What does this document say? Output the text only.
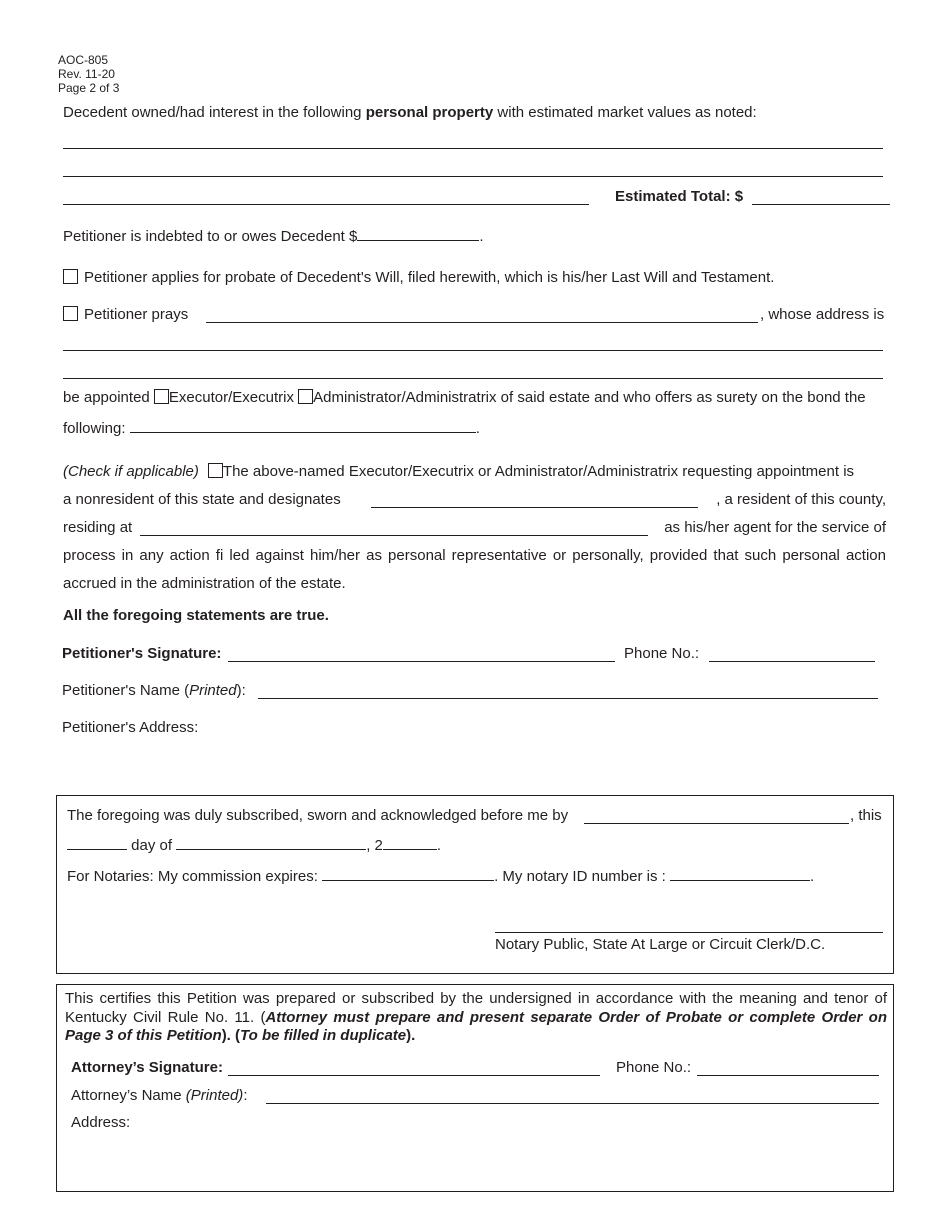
AOC-805
Rev. 11-20
Page 2 of 3
Decedent owned/had interest in the following personal property with estimated market values as noted:
Estimated Total: $
Petitioner is indebted to or owes Decedent $	.
Petitioner applies for probate of Decedent's Will, filed herewith, which is his/her Last Will and Testament.
Petitioner prays	, whose address is
be appointed Executor/Executrix Administrator/Administratrix of said estate and who offers as surety on the bond the
following:	.
(Check if applicable) The above-named Executor/Executrix or Administrator/Administratrix requesting appointment is
a nonresident of this state and designates	, a resident of this county,
residing at	as his/her agent for the service of
process in any action fi led against him/her as personal representative or personally, provided that such personal action
accrued in the administration of the estate.
All the foregoing statements are true.
Petitioner's Signature:	Phone No.:
Petitioner's Name (Printed):
Petitioner's Address:
The foregoing was duly subscribed, sworn and acknowledged before me by	, this
day of	, 2	.
For Notaries: My commission expires:	. My notary ID number is :	.
Notary Public, State At Large or Circuit Clerk/D.C.
This certifies this Petition was prepared or subscribed by the undersigned in accordance with the meaning and tenor of Kentucky Civil Rule No. 11. (Attorney must prepare and present separate Order of Probate or complete Order on Page 3 of this Petition). (To be filled in duplicate).
Attorney’s Signature:	Phone No.:
Attorney’s Name (Printed):
Address:
